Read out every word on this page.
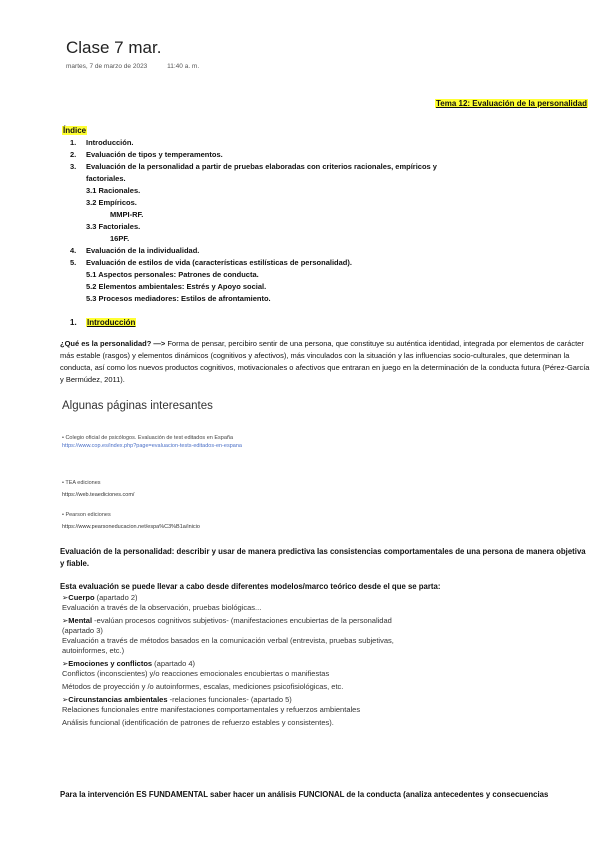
Clase 7 mar.
martes, 7 de marzo de 2023	11:40 a. m.
Tema 12: Evaluación de la personalidad
Índice
1. Introducción.
2. Evaluación de tipos y temperamentos.
3. Evaluación de la personalidad a partir de pruebas elaboradas con criterios racionales, empíricos y
factoriales.
3.1 Racionales.
3.2 Empíricos.
MMPI-RF.
3.3 Factoriales.
16PF.
4. Evaluación de la individualidad.
5. Evaluación de estilos de vida (características estilísticas de personalidad).
5.1 Aspectos personales: Patrones de conducta.
5.2 Elementos ambientales: Estrés y Apoyo social.
5.3 Procesos mediadores: Estilos de afrontamiento.
1. Introducción
¿Qué es la personalidad? —> Forma de pensar, percibiro sentir de una persona, que constituye su auténtica identidad, integrada por elementos de carácter más estable (rasgos) y elementos dinámicos (cognitivos y afectivos), más vinculados con la situación y las influencias socio-culturales, que determinan la conducta, así como los nuevos productos cognitivos, motivacionales o afectivos que entraran en juego en la determinación de la conducta futura (Pérez-García y Bermúdez, 2011).
Algunas páginas interesantes
• Colegio oficial de psicólogos. Evaluación de test editados en España
https://www.cop.es/index.php?page=evaluacion-tests-editados-en-espana
• TEA ediciones
https://web.teaediciones.com/
• Pearson ediciones
https://www.pearsoneducacion.net/espa%C3%B1a/inicio
Evaluación de la personalidad: describir y usar de manera predictiva las consistencias comportamentales de una persona de manera objetiva y fiable.
Esta evaluación se puede llevar a cabo desde diferentes modelos/marco teórico desde el que se parta:
➢Cuerpo (apartado 2)
Evaluación a través de la observación, pruebas biológicas...
➢Mental -evalúan procesos cognitivos subjetivos- (manifestaciones encubiertas de la personalidad (apartado 3)
Evaluación a través de métodos basados en la comunicación verbal (entrevista, pruebas subjetivas, autoinformes, etc.)
➢Emociones y conflictos (apartado 4)
Conflictos (inconscientes) y/o reacciones emocionales encubiertas o manifiestas
Métodos de proyección y /o autoinformes, escalas, mediciones psicofisiológicas, etc.
➢Circunstancias ambientales -relaciones funcionales- (apartado 5)
Relaciones funcionales entre manifestaciones comportamentales y refuerzos ambientales
Análisis funcional (identificación de patrones de refuerzo estables y consistentes).
Para la intervención ES FUNDAMENTAL saber hacer un análisis FUNCIONAL de la conducta (analiza antecedentes y consecuencias
